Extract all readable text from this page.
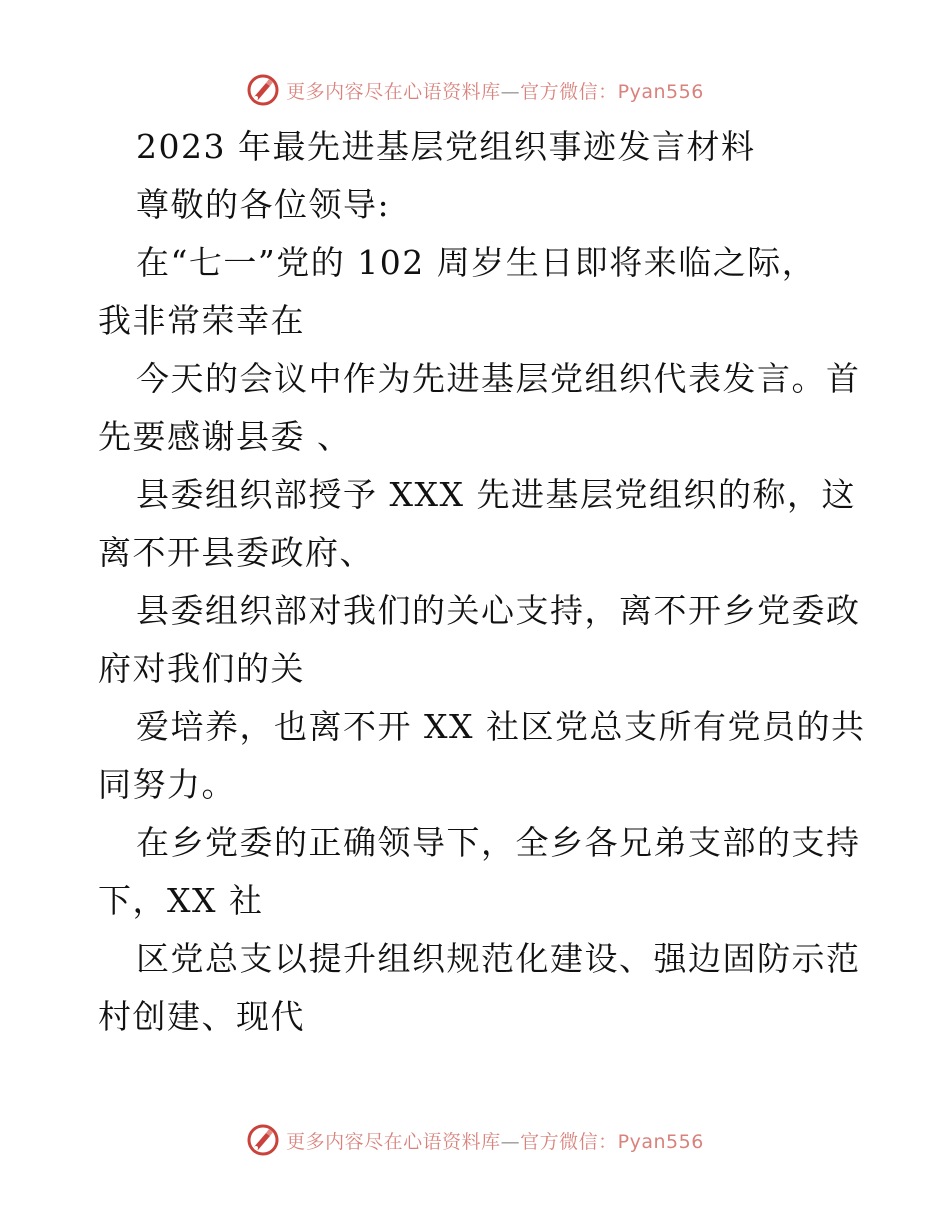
更多内容尽在心语资料库—官方微信：Pyan556
2023 年最先进基层党组织事迹发言材料
尊敬的各位领导:
在“七一”党的 102 周岁生日即将来临之际，
我非常荣幸在
今天的会议中作为先进基层党组织代表发言。首
先要感谢县委 、
县委组织部授予 XXX 先进基层党组织的称，这
离不开县委政府、
县委组织部对我们的关心支持，离不开乡党委政
府对我们的关
爱培养，也离不开 XX 社区党总支所有党员的共
同努力。
在乡党委的正确领导下，全乡各兄弟支部的支持
下，XX 社
区党总支以提升组织规范化建设、强边固防示范
村创建、现代
更多内容尽在心语资料库—官方微信：Pyan556
